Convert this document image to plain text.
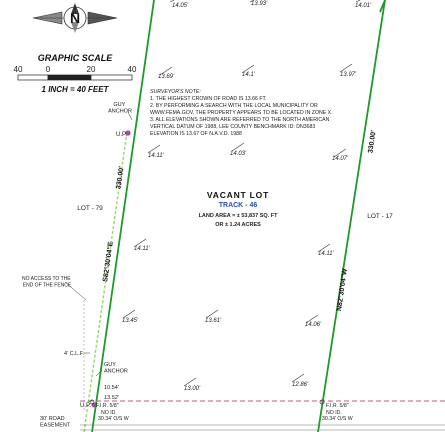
N
GRAPHIC SCALE
40	0	20	40
1 INCH = 40 FEET
U.P.
U.P.
14.05'	13.93'	14.01'
13.69'	14.1'	13.97'
14.11'	14.03'
14.07'
14.11'
14.11'
13.45'	13.61'
14.06'
13.00'
12.86'
13.52'
SURVEYOR'S NOTE:
1. THE HIGHEST CROWN OF ROAD IS 13.66 FT.
2. BY PERFORMING A SEARCH WITH THE LOCAL MUNICIPALITY OR
WWW.FEMA.GOV, THE PROPERTY APPEARS TO BE LOCATED IN ZONE X.
3. ALL ELEVATIONS SHOWN ARE REFERRED TO THE NORTH AMERICAN
VERTICAL DATUM OF 1988, LEE COUNTY BENCHMARK ID: DN3683
ELEVATION IS 13.67 OF N.A.V.D. 1988
VACANT LOT
TRACK - 46
LAND AREA = ± 53,837 SQ. FT
OR ± 1.24 ACRES
LOT - 79
LOT - 17
330.00'
S82°30'04"E
330.00'
N82°30'04"W
GUY ANCHOR
NO ACCESS TO THE END OF THE FENCE
4' C.L.F.
GUY ANCHOR
10.54'
F.I.R. 5/8"
NO ID.
30.34' O/S W
F.I.R. 5/8"
NO ID.
30.34' O/S W
30' ROAD EASEMENT
